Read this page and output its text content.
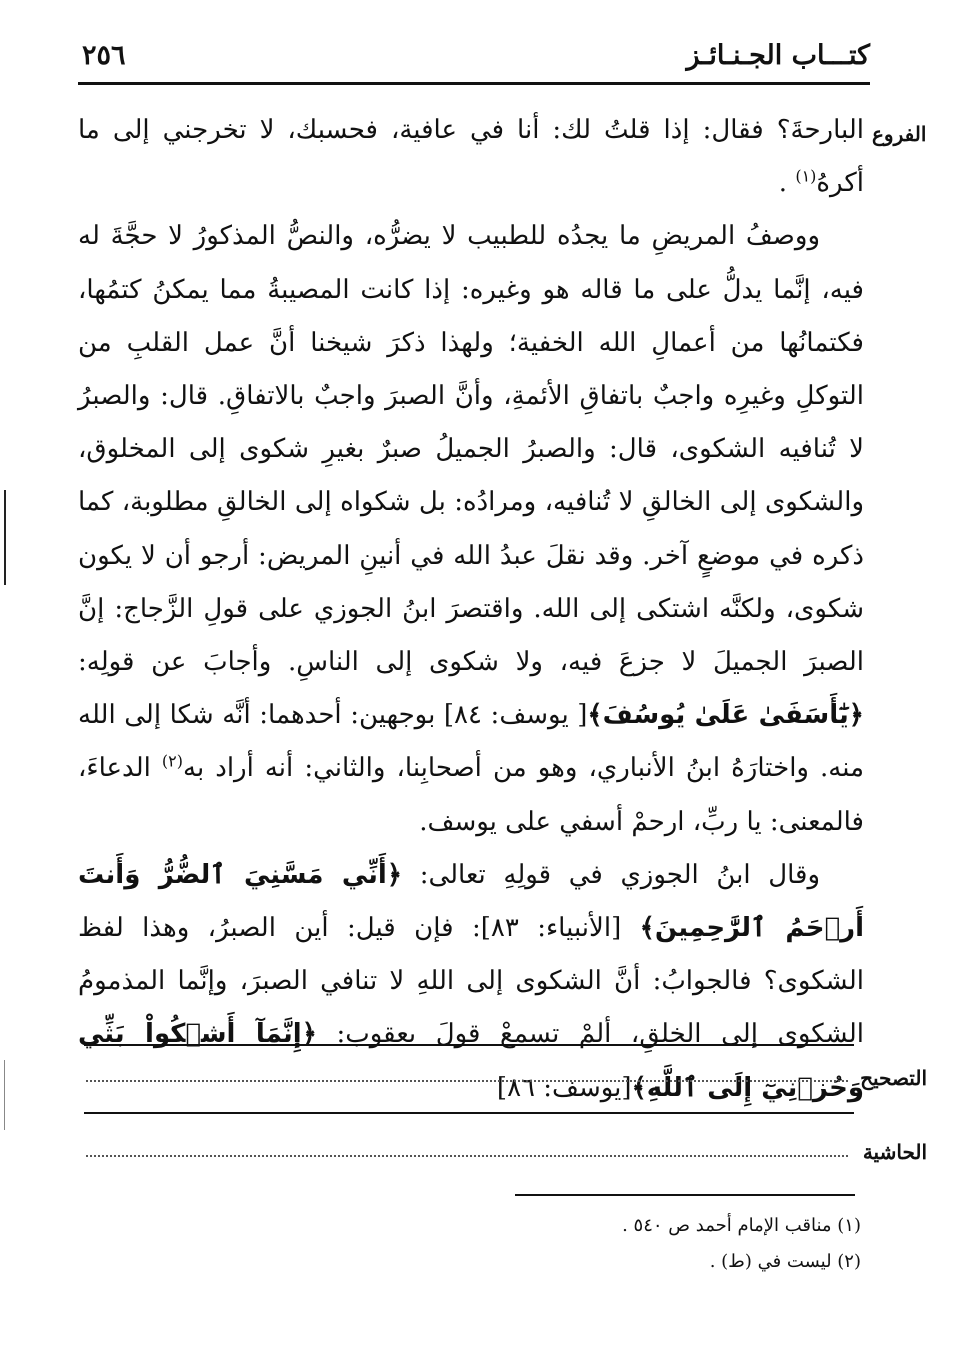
كتـــاب الجـنـائـز
٢٥٦
الفروع

البارحةَ؟ فقال: إذا قلتُ لك: أنا في عافية، فحسبك، لا تخرجني إلى ما أكرهُ$^{(١)}$ .

ووصفُ المريضِ ما يجدُه للطبيب لا يضرُّه، والنصُّ المذكورُ لا حجَّةَ له فيه، إنَّما يدلُّ على ما قاله هو وغيره: إذا كانت المصيبةُ مما يمكنُ كتمُها، فكتمانُها من أعمالِ الله الخفية؛ ولهذا ذكرَ شيخنا أنَّ عمل القلبِ من التوكلِ وغيرِه واجبٌ باتفاقِ الأئمةِ، وأنَّ الصبرَ واجبٌ بالاتفاقِ. قال: والصبرُ لا تُنافيه الشكوى، قال: والصبرُ الجميلُ صبرٌ بغيرِ شكوى إلى المخلوق، والشكوى إلى الخالقِ لا تُنافيه، ومرادُه: بل شكواه إلى الخالقِ مطلوبة، كما ذكره في موضعٍ آخر. وقد نقلَ عبدُ الله في أنينِ المريض: أرجو أن لا يكون شكوى، ولكنَّه اشتكى إلى الله. واقتصرَ ابنُ الجوزي على قولِ الزَّجاج: إنَّ الصبرَ الجميلَ لا جزعَ فيه، ولا شكوى إلى الناسِ. وأجابَ عن قولِه: ﴿يَٰٓأَسَفَىٰ عَلَىٰ يُوسُفَ﴾[ يوسف: ٨٤] بوجهين: أحدهما: أنَّه شكا إلى الله منه. واختارَهُ ابنُ الأنباري، وهو من أصحابِنا، والثاني: أنه أراد به$^{(٢)}$ الدعاءَ، فالمعنى: يا ربِّ، ارحمْ أسفي على يوسف.

وقال ابنُ الجوزي في قولِهِ تعالى: ﴿أَنِّي مَسَّنِيَ ٱلضُّرُّ وَأَنتَ أَرۡحَمُ ٱلرَّٰحِمِينَ﴾ [الأنبياء: ٨٣]: فإن قيل: أين الصبرُ، وهذا لفظ الشكوى؟ فالجوابُ: أنَّ الشكوى إلى اللهِ لا تنافي الصبرَ، وإنَّما المذمومُ الشكوى إلى الخلقِ، ألمْ تسمعْ قولَ يعقوب: ﴿إِنَّمَآ أَشۡكُواْ بَثِّي وَحُزۡنِيٓ إِلَى ٱللَّهِ﴾[يوسف: ٨٦]	التصحيح
الحاشية

(١) مناقب الإمام أحمد ص ٥٤٠ .

(٢) ليست في (ط) .
